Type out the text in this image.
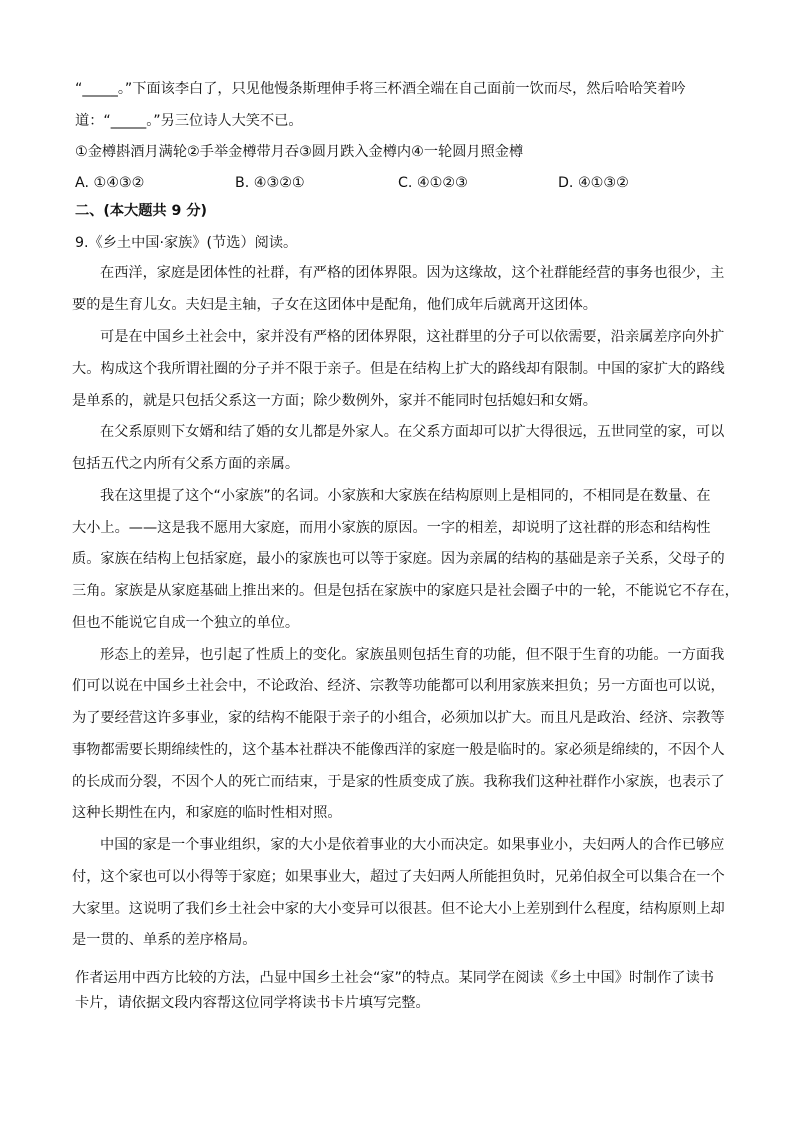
“_____。”下面该李白了，只见他慢条斯理伸手将三杯酒全端在自己面前一饮而尽，然后哈哈笑着吟
道：“_____。”另三位诗人大笑不已。
①金樽斟酒月满轮②手举金樽带月吞③圆月跌入金樽内④一轮圆月照金樽
A. ①④③②	B. ④③②①	C. ④①②③	D. ④①③②
二、(本大题共 9 分)
9.《乡土中国·家族》(节选）阅读。
在西洋，家庭是团体性的社群，有严格的团体界限。因为这缘故，这个社群能经营的事务也很少，主
要的是生育儿女。夫妇是主轴，子女在这团体中是配角，他们成年后就离开这团体。
可是在中国乡土社会中，家并没有严格的团体界限，这社群里的分子可以依需要，沿亲属差序向外扩
大。构成这个我所谓社圈的分子并不限于亲子。但是在结构上扩大的路线却有限制。中国的家扩大的路线
是单系的，就是只包括父系这一方面；除少数例外，家并不能同时包括媳妇和女婿。
在父系原则下女婿和结了婚的女儿都是外家人。在父系方面却可以扩大得很远，五世同堂的家，可以
包括五代之内所有父系方面的亲属。
我在这里提了这个“小家族”的名词。小家族和大家族在结构原则上是相同的，不相同是在数量、在
大小上。——这是我不愿用大家庭，而用小家族的原因。一字的相差，却说明了这社群的形态和结构性
质。家族在结构上包括家庭，最小的家族也可以等于家庭。因为亲属的结构的基础是亲子关系，父母子的
三角。家族是从家庭基础上推出来的。但是包括在家族中的家庭只是社会圈子中的一轮，不能说它不存在，
但也不能说它自成一个独立的单位。
形态上的差异，也引起了性质上的变化。家族虽则包括生育的功能，但不限于生育的功能。一方面我
们可以说在中国乡土社会中，不论政治、经济、宗教等功能都可以利用家族来担负；另一方面也可以说，
为了要经营这许多事业，家的结构不能限于亲子的小组合，必须加以扩大。而且凡是政治、经济、宗教等
事物都需要长期绵续性的，这个基本社群决不能像西洋的家庭一般是临时的。家必须是绵续的，不因个人
的长成而分裂，不因个人的死亡而结束，于是家的性质变成了族。我称我们这种社群作小家族，也表示了
这种长期性在内，和家庭的临时性相对照。
中国的家是一个事业组织，家的大小是依着事业的大小而决定。如果事业小，夫妇两人的合作已够应
付，这个家也可以小得等于家庭；如果事业大，超过了夫妇两人所能担负时，兄弟伯叔全可以集合在一个
大家里。这说明了我们乡土社会中家的大小变异可以很甚。但不论大小上差别到什么程度，结构原则上却
是一贯的、单系的差序格局。
作者运用中西方比较的方法，凸显中国乡土社会“家”的特点。某同学在阅读《乡土中国》时制作了读书
卡片，请依据文段内容帮这位同学将读书卡片填写完整。
